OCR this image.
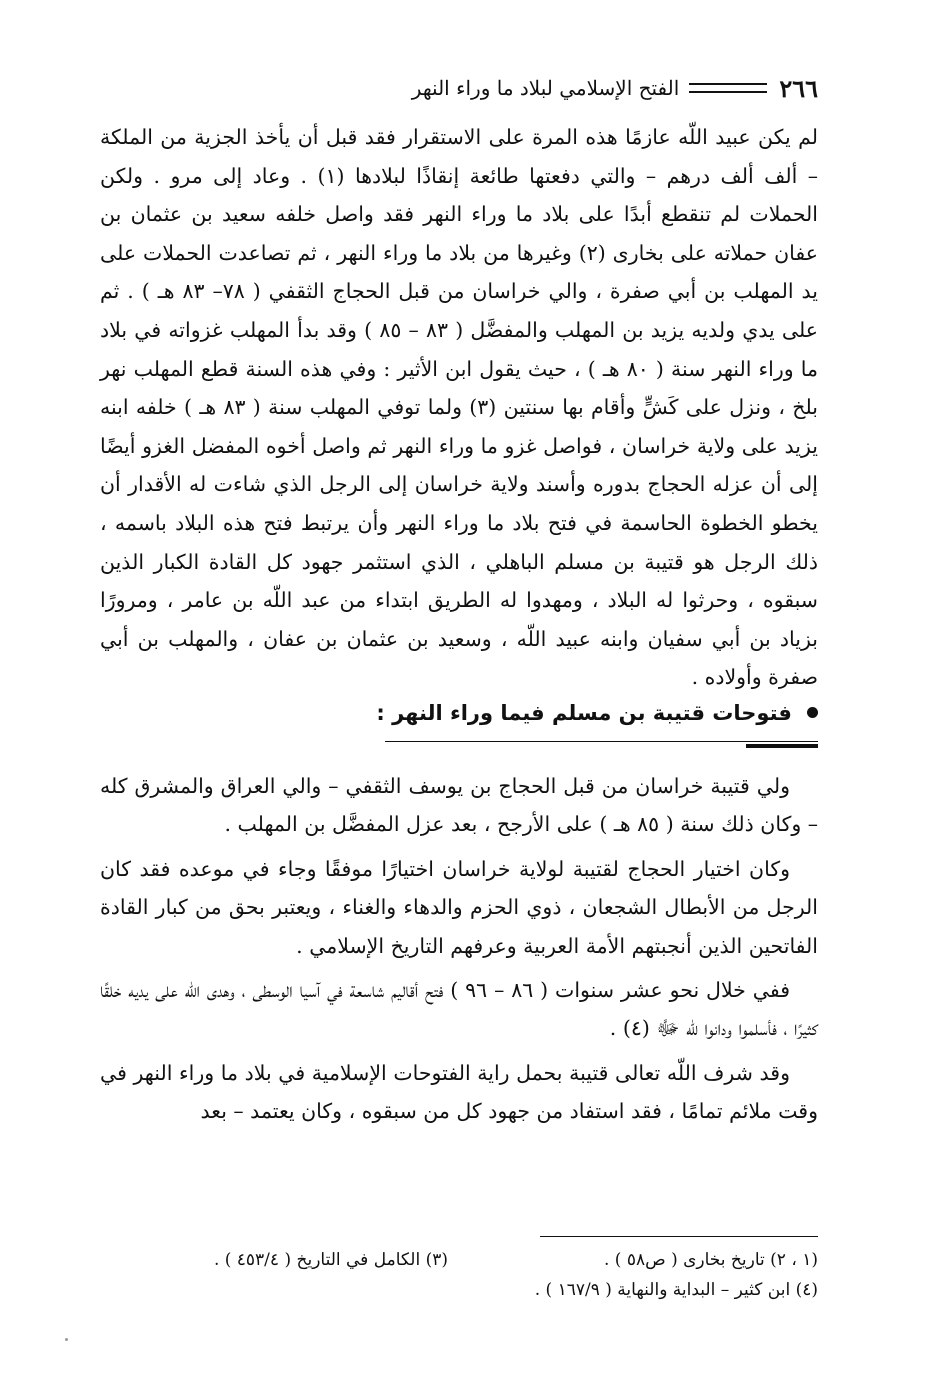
٢٦٦
الفتح الإسلامي لبلاد ما وراء النهر

لم يكن عبيد اللّه عازمًا هذه المرة على الاستقرار فقد قبل أن يأخذ الجزية من الملكة – ألف ألف درهم – والتي دفعتها طائعة إنقاذًا لبلادها (١) . وعاد إلى مرو . ولكن الحملات لم تنقطع أبدًا على بلاد ما وراء النهر فقد واصل خلفه سعيد بن عثمان بن عفان حملاته على بخارى (٢) وغيرها من بلاد ما وراء النهر ، ثم تصاعدت الحملات على يد المهلب بن أبي صفرة ، والي خراسان من قبل الحجاج الثقفي ( ٧٨– ٨٣ هـ ) . ثم على يدي ولديه يزيد بن المهلب والمفضَّل ( ٨٣ – ٨٥ ) وقد بدأ المهلب غزواته في بلاد ما وراء النهر سنة ( ٨٠ هـ ) ، حيث يقول ابن الأثير : وفي هذه السنة قطع المهلب نهر بلخ ، ونزل على كَشٍّ وأقام بها سنتين (٣) ولما توفي المهلب سنة ( ٨٣ هـ ) خلفه ابنه يزيد على ولاية خراسان ، فواصل غزو ما وراء النهر ثم واصل أخوه المفضل الغزو أيضًا إلى أن عزله الحجاج بدوره وأسند ولاية خراسان إلى الرجل الذي شاءت له الأقدار أن يخطو الخطوة الحاسمة في فتح بلاد ما وراء النهر وأن يرتبط فتح هذه البلاد باسمه ، ذلك الرجل هو قتيبة بن مسلم الباهلي ، الذي استثمر جهود كل القادة الكبار الذين سبقوه ، وحرثوا له البلاد ، ومهدوا له الطريق ابتداء من عبد اللّه بن عامر ، ومرورًا بزياد بن أبي سفيان وابنه عبيد اللّه ، وسعيد بن عثمان بن عفان ، والمهلب بن أبي صفرة وأولاده .

فتوحات قتيبة بن مسلم فيما وراء النهر :

ولي قتيبة خراسان من قبل الحجاج بن يوسف الثقفي – والي العراق والمشرق كله – وكان ذلك سنة ( ٨٥ هـ ) على الأرجح ، بعد عزل المفضَّل بن المهلب .

وكان اختيار الحجاج لقتيبة لولاية خراسان اختيارًا موفقًا وجاء في موعده فقد كان الرجل من الأبطال الشجعان ، ذوي الحزم والدهاء والغناء ، ويعتبر بحق من كبار القادة الفاتحين الذين أنجبتهم الأمة العربية وعرفهم التاريخ الإسلامي .

ففي خلال نحو عشر سنوات ( ٨٦ – ٩٦ ) فتح أقاليم شاسعة في آسيا الوسطى ، وهدى اللّه على يديه خلقًا كثيرًا ، فأسلموا ودانوا للّه ﷻ (٤) .

وقد شرف اللّه تعالى قتيبة بحمل راية الفتوحات الإسلامية في بلاد ما وراء النهر في وقت ملائم تمامًا ، فقد استفاد من جهود كل من سبقوه ، وكان يعتمد – بعد

(١ ، ٢) تاريخ بخارى ( ص٥٨ ) .
(٣) الكامل في التاريخ ( ٤٥٣/٤ ) .
(٤) ابن كثير – البداية والنهاية ( ١٦٧/٩ ) .
